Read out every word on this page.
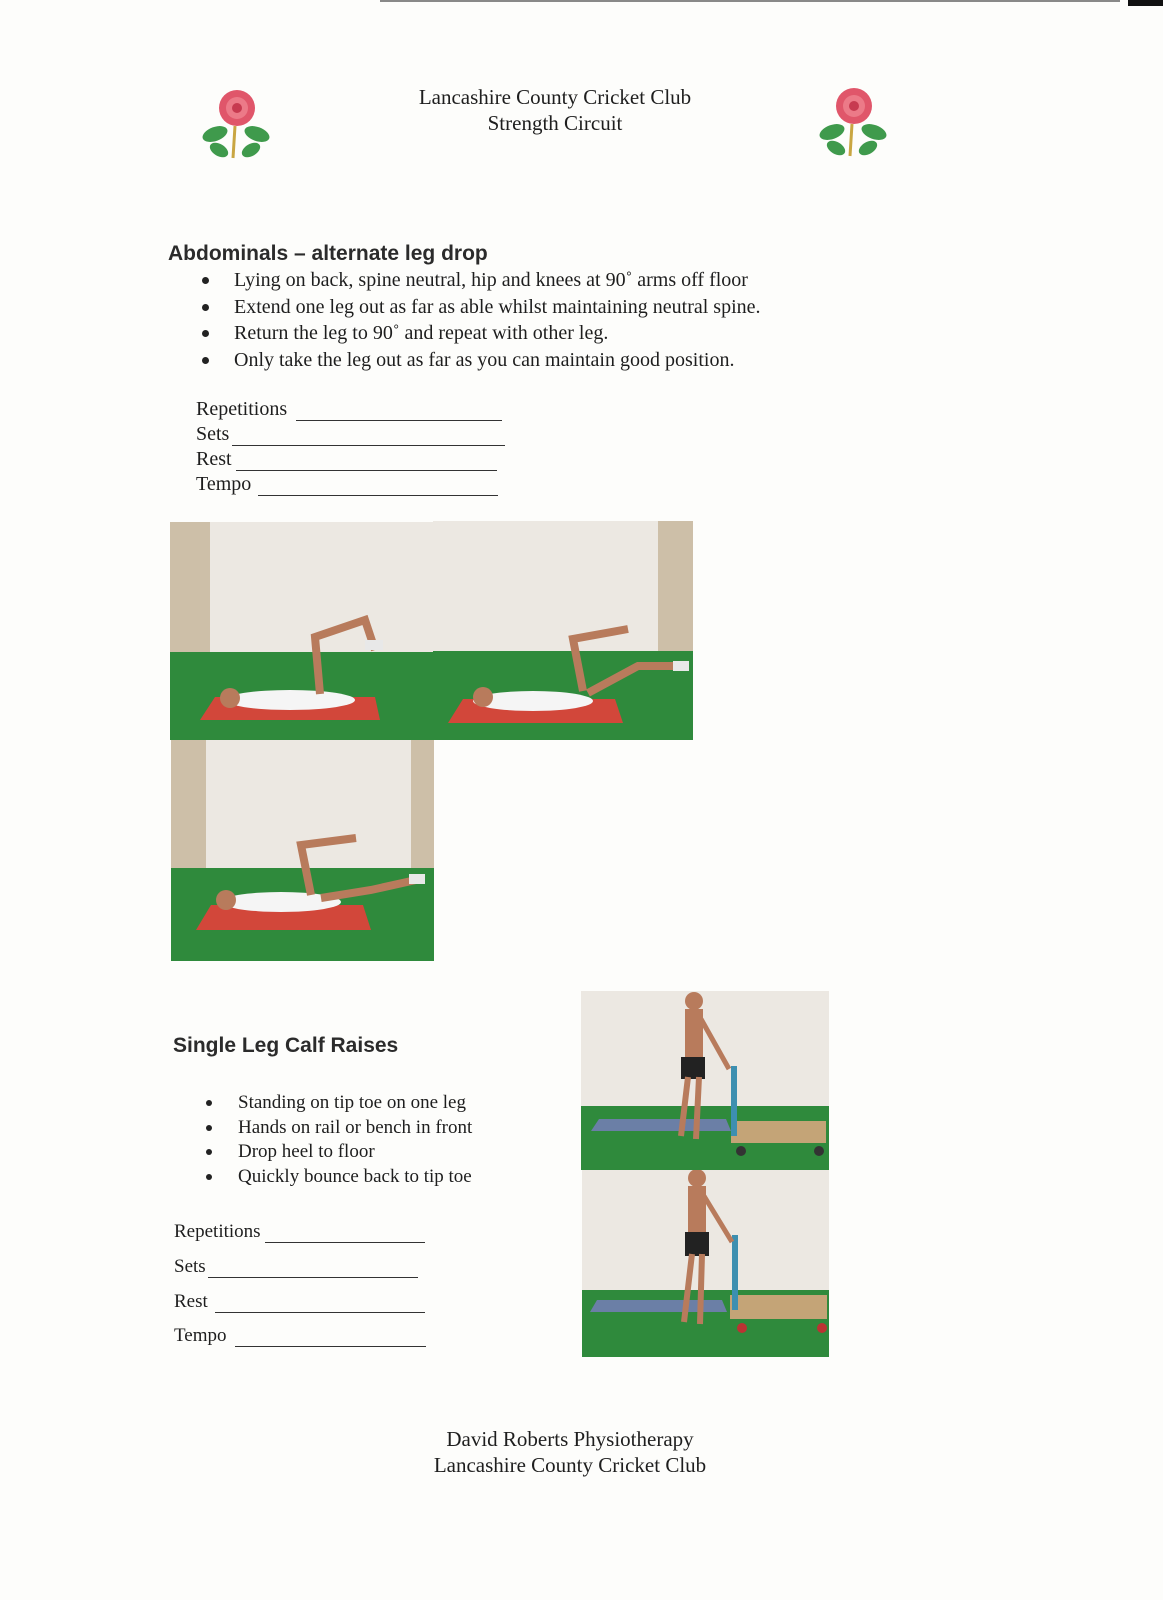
Lancashire County Cricket Club
Strength Circuit
Abdominals – alternate leg drop
Lying on back, spine neutral, hip and knees at 90˚ arms off floor
Extend one leg out as far as able whilst maintaining neutral spine.
Return the leg to 90˚ and repeat with other leg.
Only take the leg out as far as you can maintain good position.
Repetitions
Sets
Rest
Tempo
Single Leg Calf Raises
Standing on tip toe on one leg
Hands on rail or bench in front
Drop heel to floor
Quickly bounce back to tip toe
Repetitions
Sets
Rest
Tempo
David Roberts Physiotherapy
Lancashire County Cricket Club
